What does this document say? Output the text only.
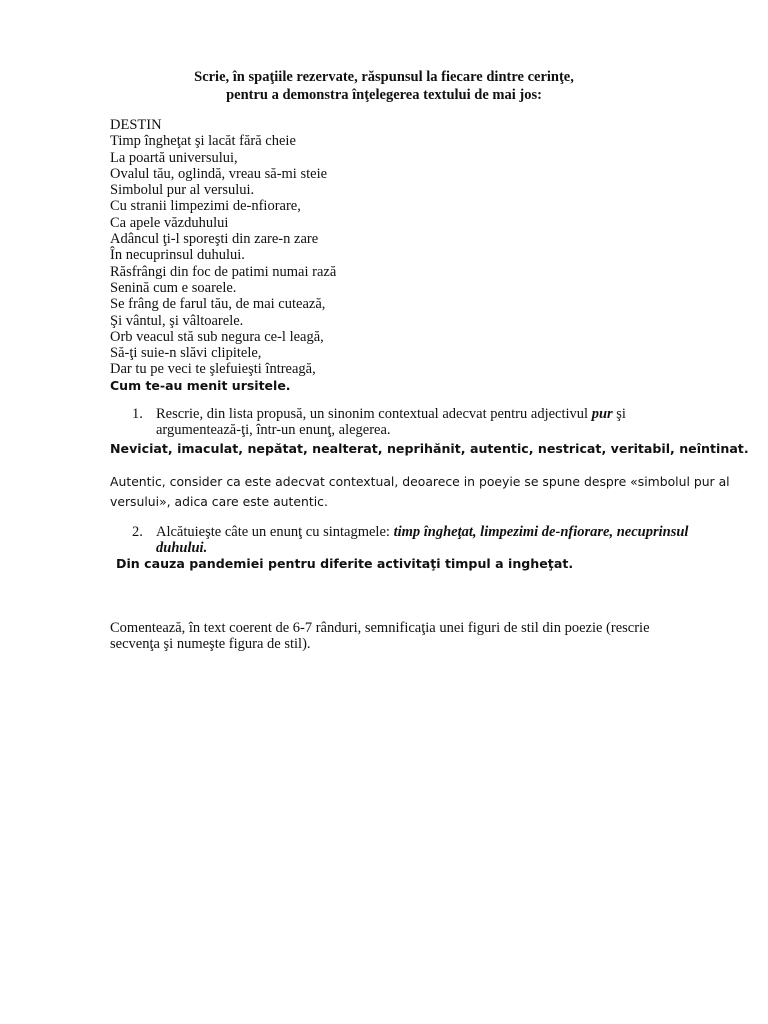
Scrie, în spaţiile rezervate, răspunsul la fiecare dintre cerinţe,
pentru a demonstra înţelegerea textului de mai jos:
DESTIN
Timp îngheţat şi lacăt fără cheie
La poartă universului,
Ovalul tău, oglindă, vreau să-mi steie
Simbolul pur al versului.
Cu stranii limpezimi de-nfiorare,
Ca apele văzduhului
Adâncul ţi-l sporeşti din zare-n zare
În necuprinsul duhului.
Răsfrângi din foc de patimi numai rază
Senină cum e soarele.
Se frâng de farul tău, de mai cutează,
Şi vântul, şi vâltoarele.
Orb veacul stă sub negura ce-l leagă,
Să-ţi suie-n slăvi clipitele,
Dar tu pe veci te şlefuieşti întreagă,
Cum te-au menit ursitele.
1. Rescrie, din lista propusă, un sinonim contextual adecvat pentru adjectivul pur şi
argumentează-ţi, într-un enunţ, alegerea.
Neviciat, imaculat, nepătat, nealterat, neprihănit, autentic, nestricat, veritabil, neîntinat.
Autentic, consider ca este adecvat contextual, deoarece in poeyie se spune despre «simbolul pur al
versului», adica care este autentic.
2. Alcătuieşte câte un enunţ cu sintagmele: timp îngheţat, limpezimi de-nfiorare, necuprinsul
duhului.
Din cauza pandemiei pentru diferite activitaţi timpul a ingheţat.
Comentează, în text coerent de 6-7 rânduri, semnificaţia unei figuri de stil din poezie (rescrie
secvenţa şi numeşte figura de stil).
